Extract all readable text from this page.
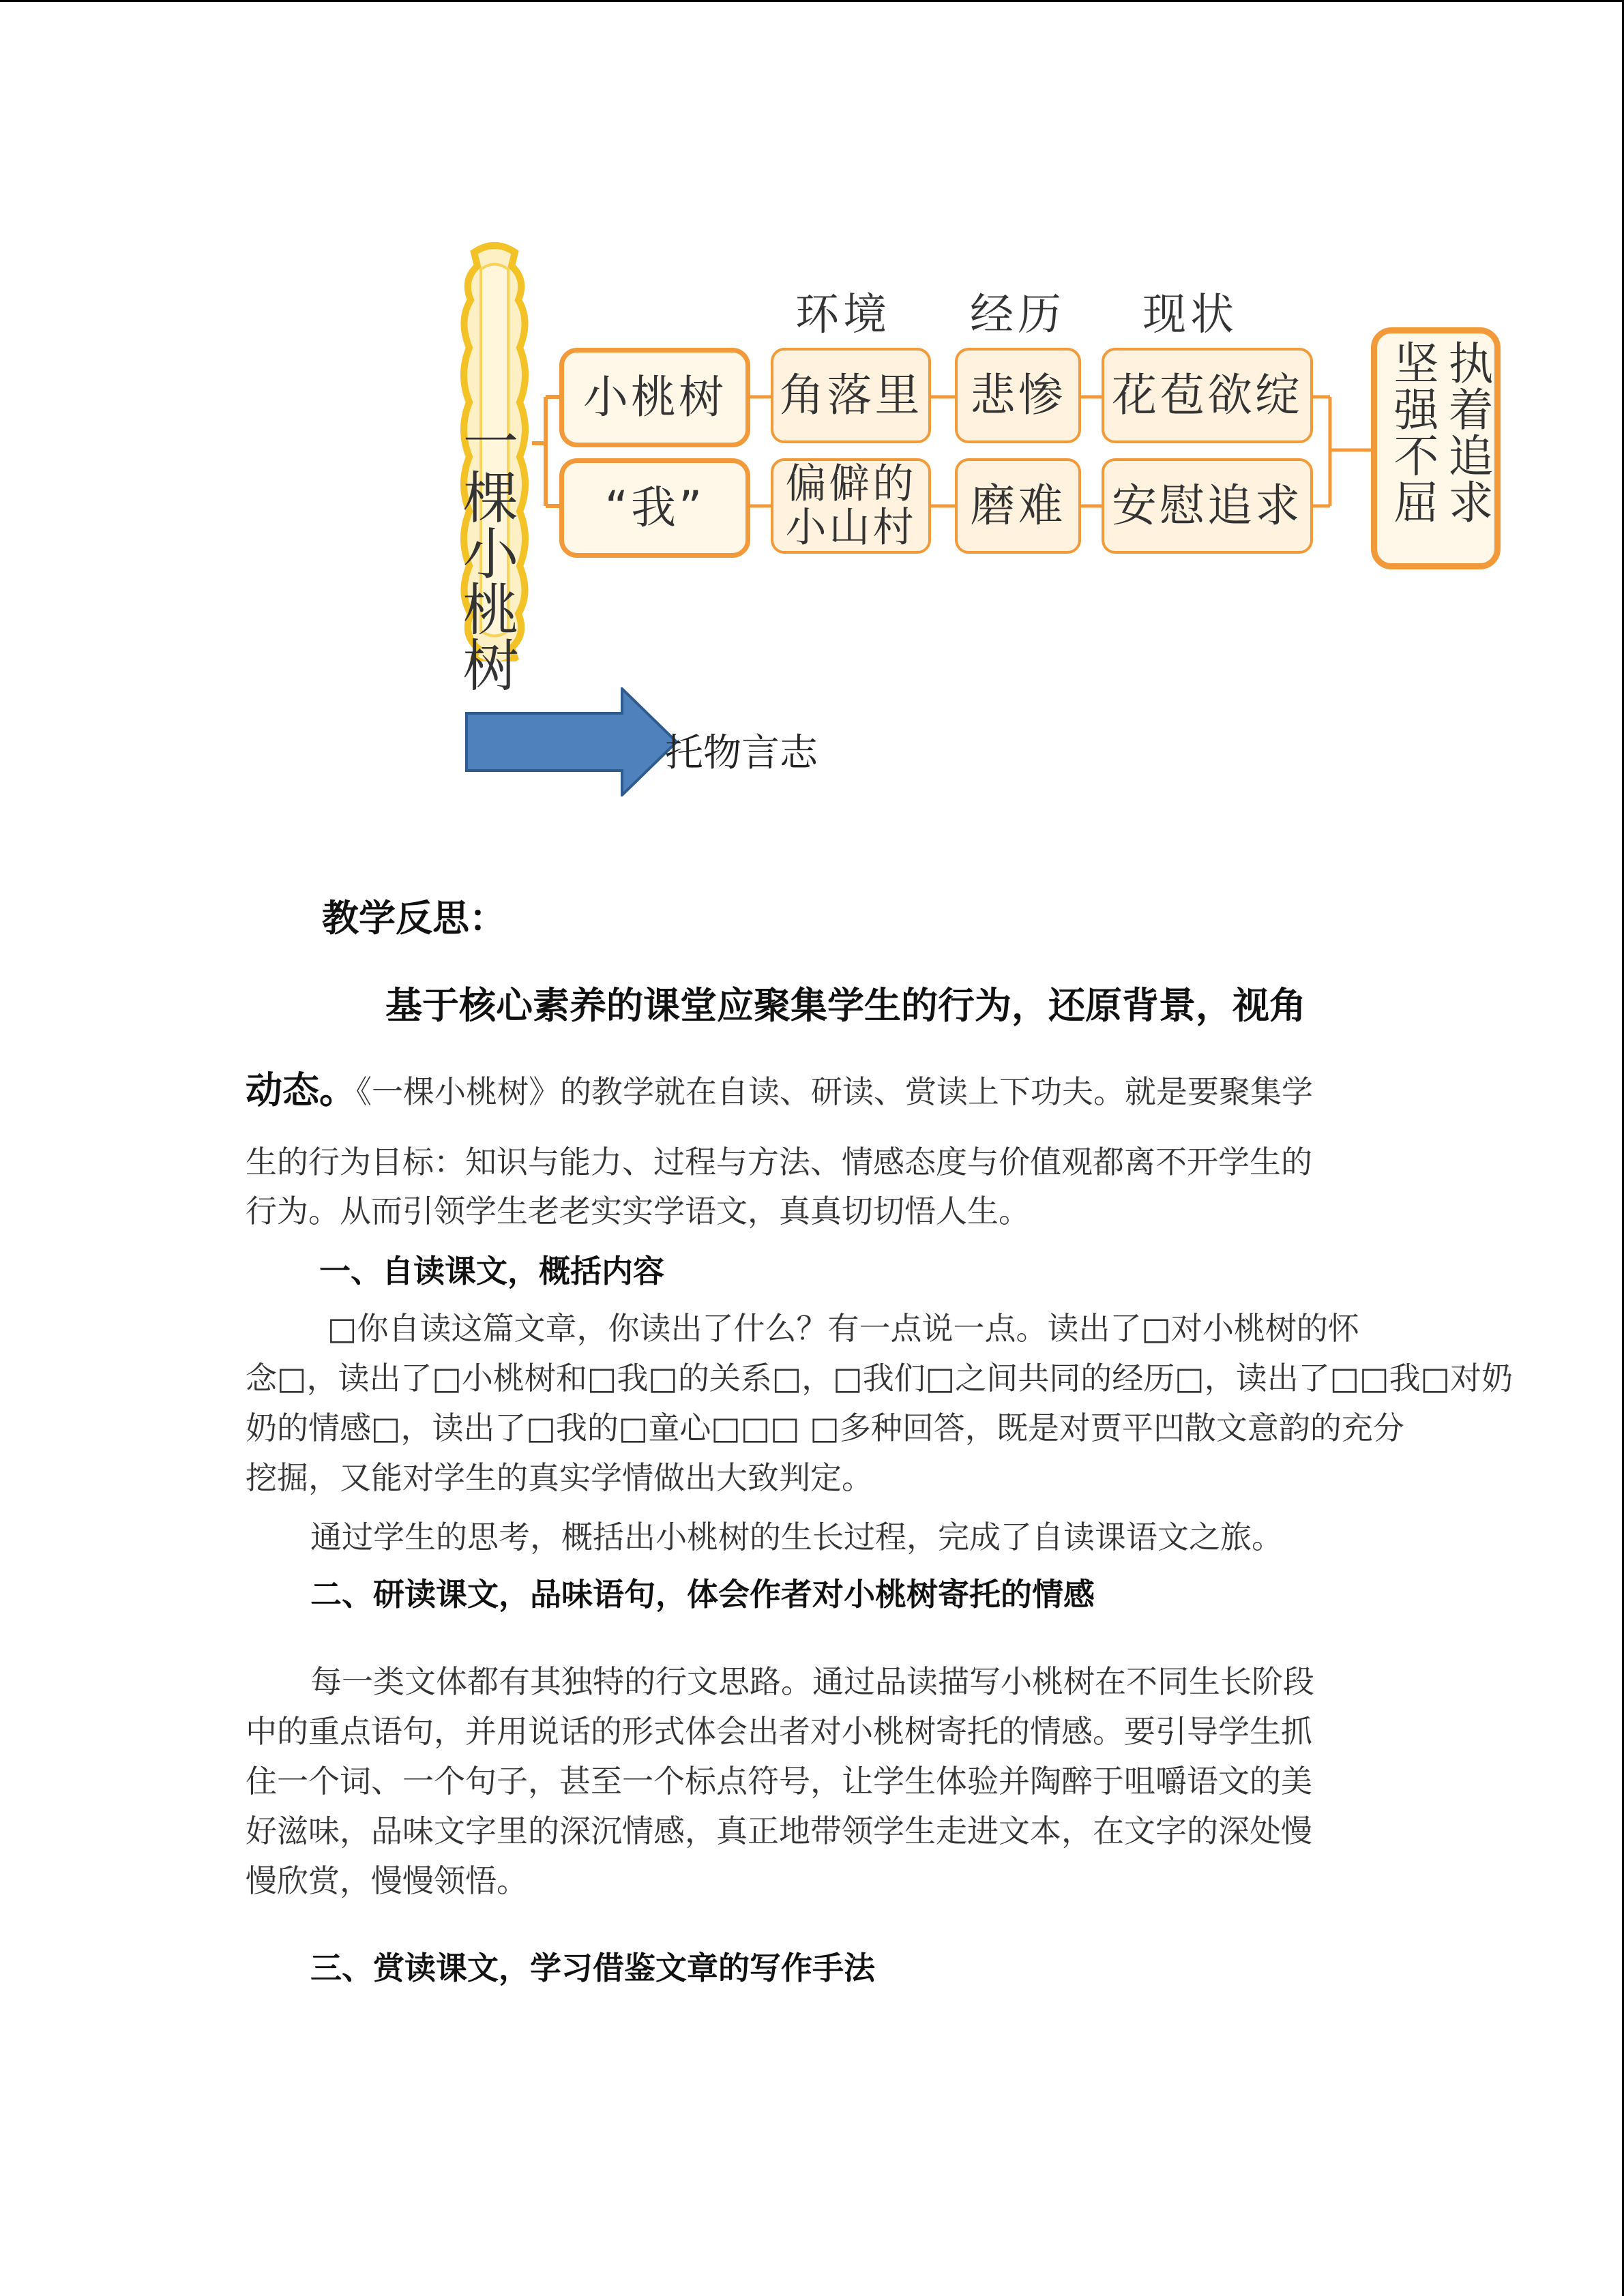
一棵小桃树
环境 经历 现状
小桃树 角落里 悲惨 花苞欲绽
“我” 偏僻的小山村 磨难 安慰追求	执着追求坚强不屈
托物言志
教学反思：
基于核心素养的课堂应聚集学生的行为，还原背景，视角
动态。《一棵小桃树》的教学就在自读、研读、赏读上下功夫。就是要聚集学
生的行为目标：知识与能力、过程与方法、情感态度与价值观都离不开学生的
行为。从而引领学生老老实实学语文，真真切切悟人生。
一、自读课文，概括内容
□你自读这篇文章，你读出了什么？有一点说一点。读出了□对小桃树的怀
念□，读出了□小桃树和□我□的关系□，□我们□之间共同的经历□，读出了□□我□对奶
奶的情感□，读出了□我的□童心□□□ □多种回答，既是对贾平凹散文意韵的充分
挖掘，又能对学生的真实学情做出大致判定。
通过学生的思考，概括出小桃树的生长过程，完成了自读课语文之旅。
二、研读课文，品味语句，体会作者对小桃树寄托的情感
每一类文体都有其独特的行文思路。通过品读描写小桃树在不同生长阶段
中的重点语句，并用说话的形式体会出者对小桃树寄托的情感。要引导学生抓
住一个词、一个句子，甚至一个标点符号，让学生体验并陶醉于咀嚼语文的美
好滋味，品味文字里的深沉情感，真正地带领学生走进文本，在文字的深处慢
慢欣赏，慢慢领悟。
三、赏读课文，学习借鉴文章的写作手法
